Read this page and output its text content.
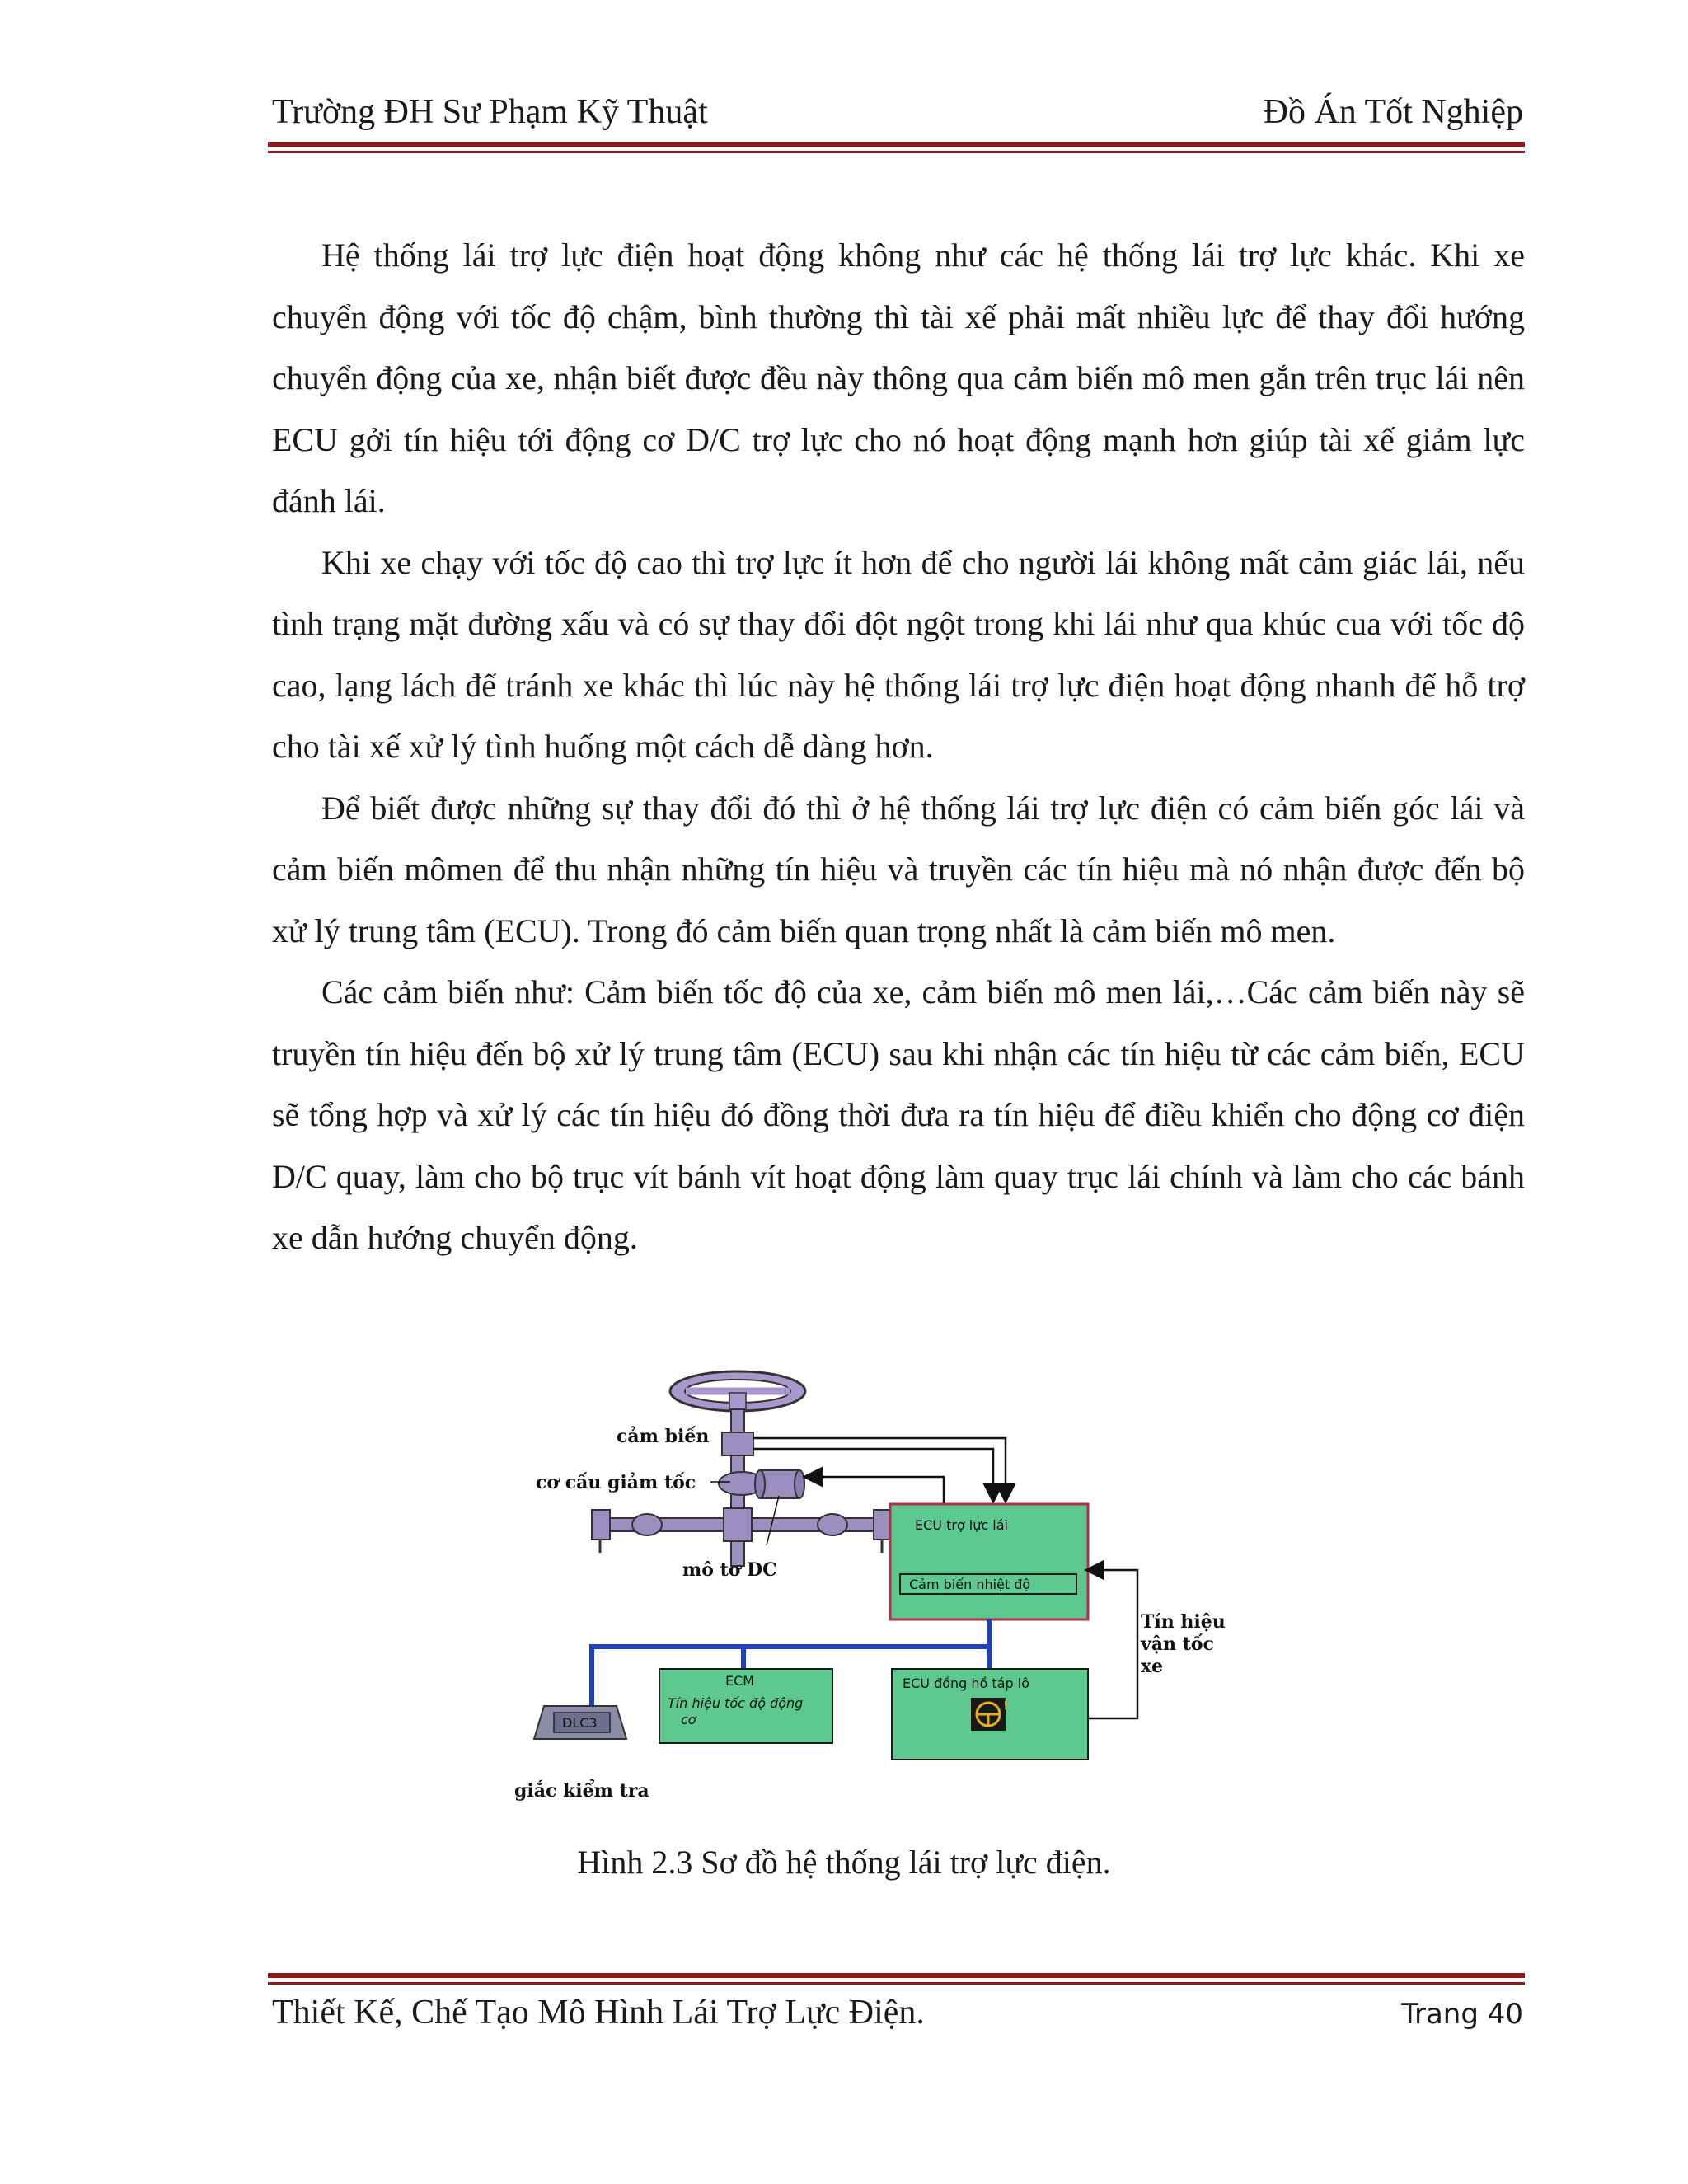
Trường ĐH Sư Phạm Kỹ Thuật	Đồ Án Tốt Nghiệp

Hệ thống lái trợ lực điện hoạt động không như các hệ thống lái trợ lực khác. Khi xe chuyển động với tốc độ chậm, bình thường thì tài xế phải mất nhiều lực để thay đổi hướng chuyển động của xe, nhận biết được đều này thông qua cảm biến mô men gắn trên trục lái nên ECU gởi tín hiệu tới động cơ D/C trợ lực cho nó hoạt động mạnh hơn giúp tài xế giảm lực đánh lái.

Khi xe chạy với tốc độ cao thì trợ lực ít hơn để cho người lái không mất cảm giác lái, nếu tình trạng mặt đường xấu và có sự thay đổi đột ngột trong khi lái như qua khúc cua với tốc độ cao, lạng lách để tránh xe khác thì lúc này hệ thống lái trợ lực điện hoạt động nhanh để hỗ trợ cho tài xế xử lý tình huống một cách dễ dàng hơn.

Để biết được những sự thay đổi đó thì ở hệ thống lái trợ lực điện có cảm biến góc lái và cảm biến mômen để thu nhận những tín hiệu và truyền các tín hiệu mà nó nhận được đến bộ xử lý trung tâm (ECU). Trong đó cảm biến quan trọng nhất là cảm biến mô men.

Các cảm biến như: Cảm biến tốc độ của xe, cảm biến mô men lái,…Các cảm biến này sẽ truyền tín hiệu đến bộ xử lý trung tâm (ECU) sau khi nhận các tín hiệu từ các cảm biến, ECU sẽ tổng hợp và xử lý các tín hiệu đó đồng thời đưa ra tín hiệu để điều khiển cho động cơ điện D/C quay, làm cho bộ trục vít bánh vít hoạt động làm quay trục lái chính và làm cho các bánh xe dẫn hướng chuyển động.

ECU trợ lực lái
Cảm biến nhiệt độ
Tín hiệu
vận tốc
xe
ECM
Tín hiệu tốc độ động
cơ
ECU đồng hồ táp lô
!
DLC3
cảm biến
cơ cấu giảm tốc
mô tơ DC
giắc kiểm tra
Hình 2.3 Sơ đồ hệ thống lái trợ lực điện.
Thiết Kế, Chế Tạo Mô Hình Lái Trợ Lực Điện.	Trang 40
